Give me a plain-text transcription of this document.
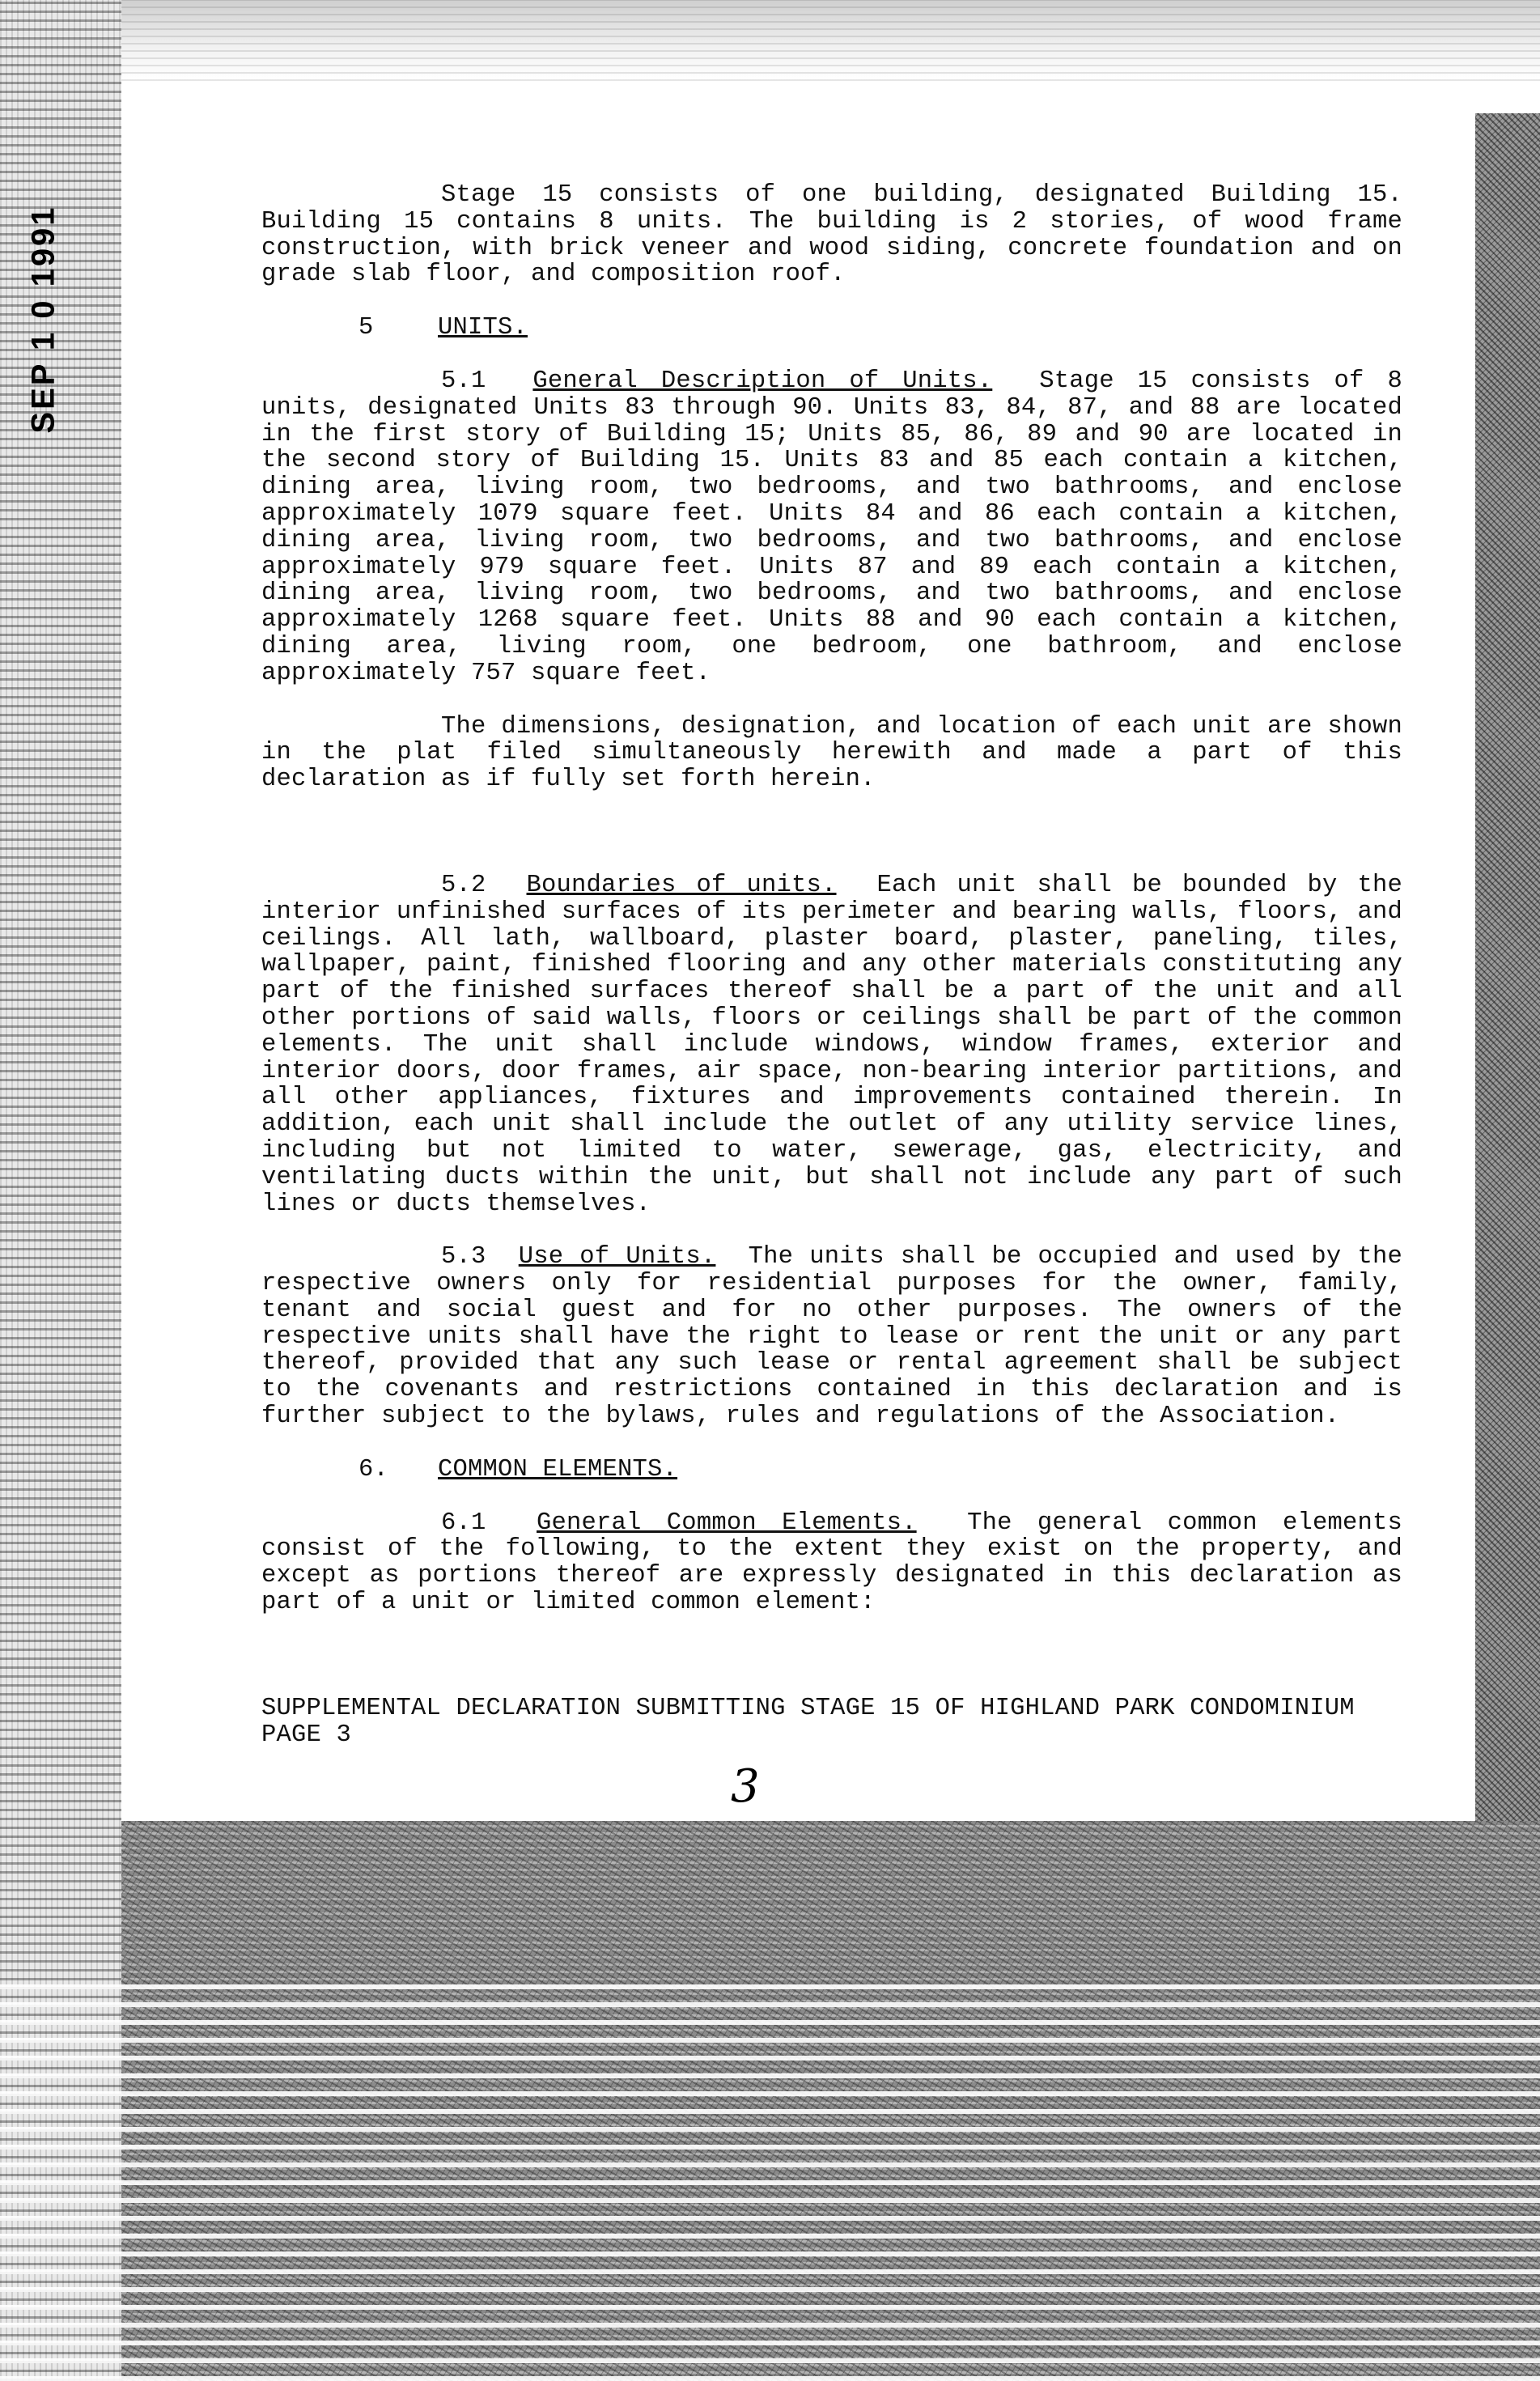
SEP 1 0 1991

Stage 15 consists of one building, designated Building 15. Building 15 contains 8 units. The building is 2 stories, of wood frame construction, with brick veneer and wood siding, concrete foundation and on grade slab floor, and composition roof.

5	UNITS.

5.1 General Description of Units. Stage 15 consists of 8 units, designated Units 83 through 90. Units 83, 84, 87, and 88 are located in the first story of Building 15; Units 85, 86, 89 and 90 are located in the second story of Building 15. Units 83 and 85 each contain a kitchen, dining area, living room, two bedrooms, and two bathrooms, and enclose approximately 1079 square feet. Units 84 and 86 each contain a kitchen, dining area, living room, two bedrooms, and two bathrooms, and enclose approximately 979 square feet. Units 87 and 89 each contain a kitchen, dining area, living room, two bedrooms, and two bathrooms, and enclose approximately 1268 square feet. Units 88 and 90 each contain a kitchen, dining area, living room, one bedroom, one bathroom, and enclose approximately 757 square feet.

The dimensions, designation, and location of each unit are shown in the plat filed simultaneously herewith and made a part of this declaration as if fully set forth herein.

5.2 Boundaries of units. Each unit shall be bounded by the interior unfinished surfaces of its perimeter and bearing walls, floors, and ceilings. All lath, wallboard, plaster board, plaster, paneling, tiles, wallpaper, paint, finished flooring and any other materials constituting any part of the finished surfaces thereof shall be a part of the unit and all other portions of said walls, floors or ceilings shall be part of the common elements. The unit shall include windows, window frames, exterior and interior doors, door frames, air space, non-bearing interior partitions, and all other appliances, fixtures and improvements contained therein. In addition, each unit shall include the outlet of any utility service lines, including but not limited to water, sewerage, gas, electricity, and ventilating ducts within the unit, but shall not include any part of such lines or ducts themselves.

5.3 Use of Units. The units shall be occupied and used by the respective owners only for residential purposes for the owner, family, tenant and social guest and for no other purposes. The owners of the respective units shall have the right to lease or rent the unit or any part thereof, provided that any such lease or rental agreement shall be subject to the covenants and restrictions contained in this declaration and is further subject to the bylaws, rules and regulations of the Association.

6. COMMON ELEMENTS.

6.1 General Common Elements. The general common elements consist of the following, to the extent they exist on the property, and except as portions thereof are expressly designated in this declaration as part of a unit or limited common element:

SUPPLEMENTAL DECLARATION SUBMITTING STAGE 15 OF HIGHLAND PARK CONDOMINIUM

PAGE 3

3
